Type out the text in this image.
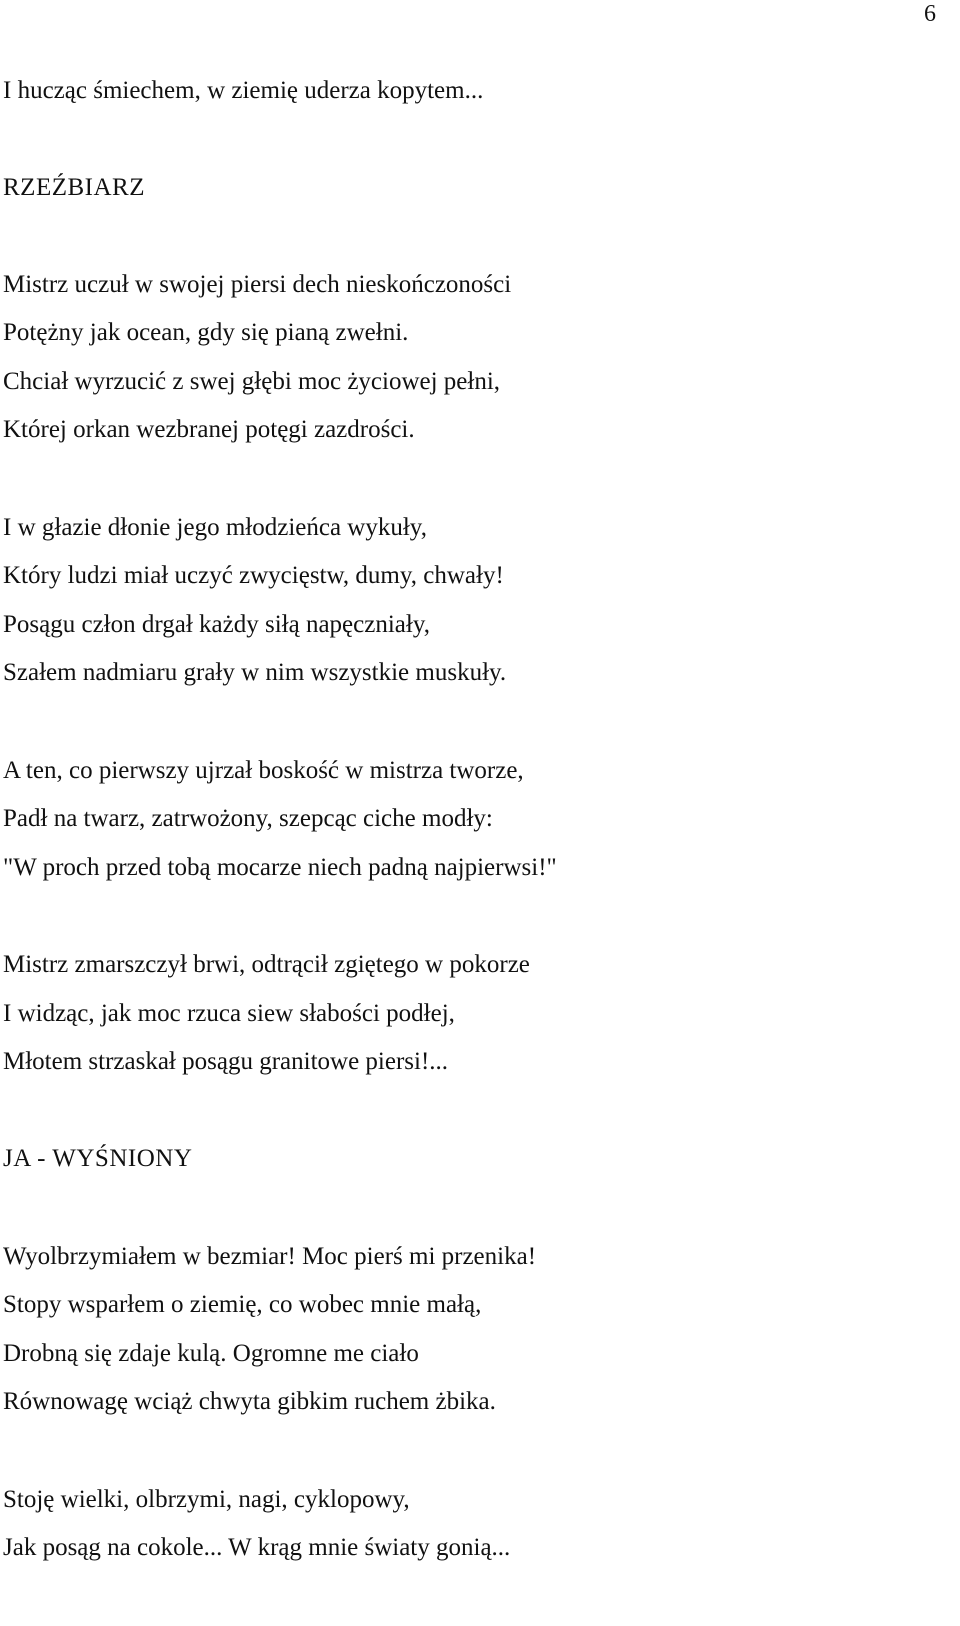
6
I hucząc śmiechem, w ziemię uderza kopytem...
RZEŹBIARZ
Mistrz uczuł w swojej piersi dech nieskończoności
Potężny jak ocean, gdy się pianą zwełni.
Chciał wyrzucić z swej głębi moc życiowej pełni,
Której orkan wezbranej potęgi zazdrości.
I w głazie dłonie jego młodzieńca wykuły,
Który ludzi miał uczyć zwycięstw, dumy, chwały!
Posągu człon drgał każdy siłą napęczniały,
Szałem nadmiaru grały w nim wszystkie muskuły.
A ten, co pierwszy ujrzał boskość w mistrza tworze,
Padł na twarz, zatrwożony, szepcąc ciche modły:
"W proch przed tobą mocarze niech padną najpierwsi!"
Mistrz zmarszczył brwi, odtrącił zgiętego w pokorze
I widząc, jak moc rzuca siew słabości podłej,
Młotem strzaskał posągu granitowe piersi!...
JA - WYŚNIONY
Wyolbrzymiałem w bezmiar! Moc pierś mi przenika!
Stopy wsparłem o ziemię, co wobec mnie małą,
Drobną się zdaje kulą. Ogromne me ciało
Równowagę wciąż chwyta gibkim ruchem żbika.
Stoję wielki, olbrzymi, nagi, cyklopowy,
Jak posąg na cokole... W krąg mnie światy gonią...
